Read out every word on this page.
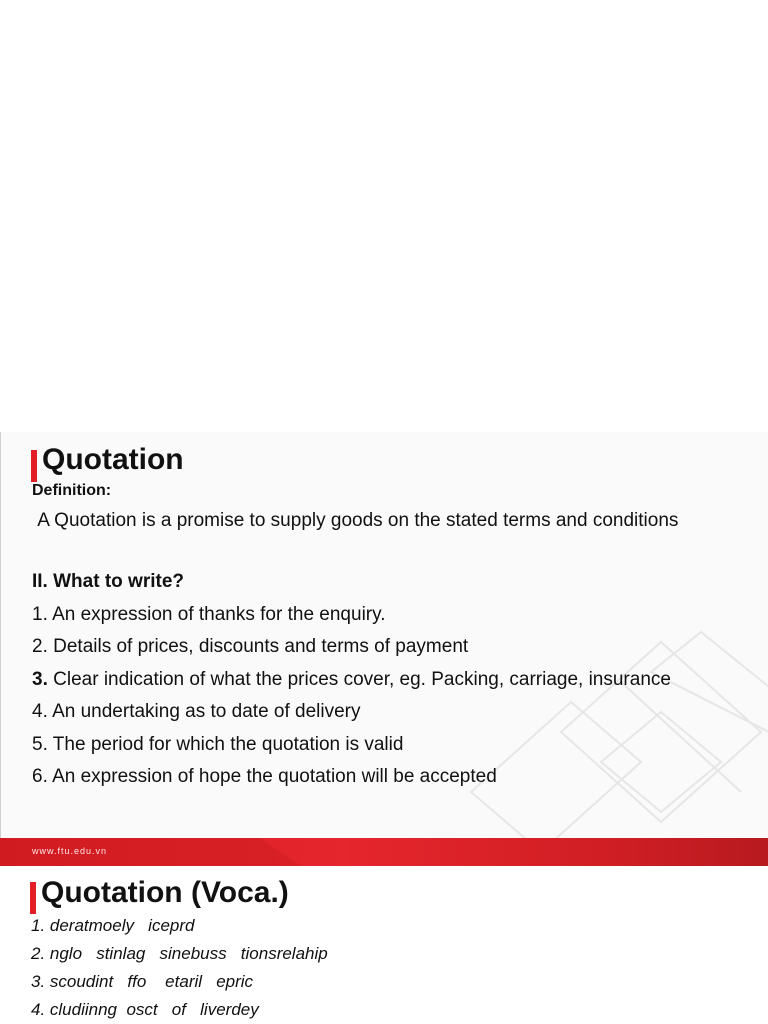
Quotation
Definition:
A Quotation is a promise to supply goods on the stated terms and conditions
II. What to write?
1. An expression of thanks for the enquiry.
2. Details of prices, discounts and terms of payment
3. Clear indication of what the prices cover, eg. Packing, carriage, insurance
4. An undertaking as to date of delivery
5. The period for which the quotation is valid
6. An expression of hope the quotation will be accepted
www.ftu.edu.vn
Quotation (Voca.)
1. deratmoely   iceprd
2. nglo   stinlag   sinebuss   tionsrelahip
3. scoudint   ffo    etaril   epric
4. cludiinng  osct   of   liverdey
